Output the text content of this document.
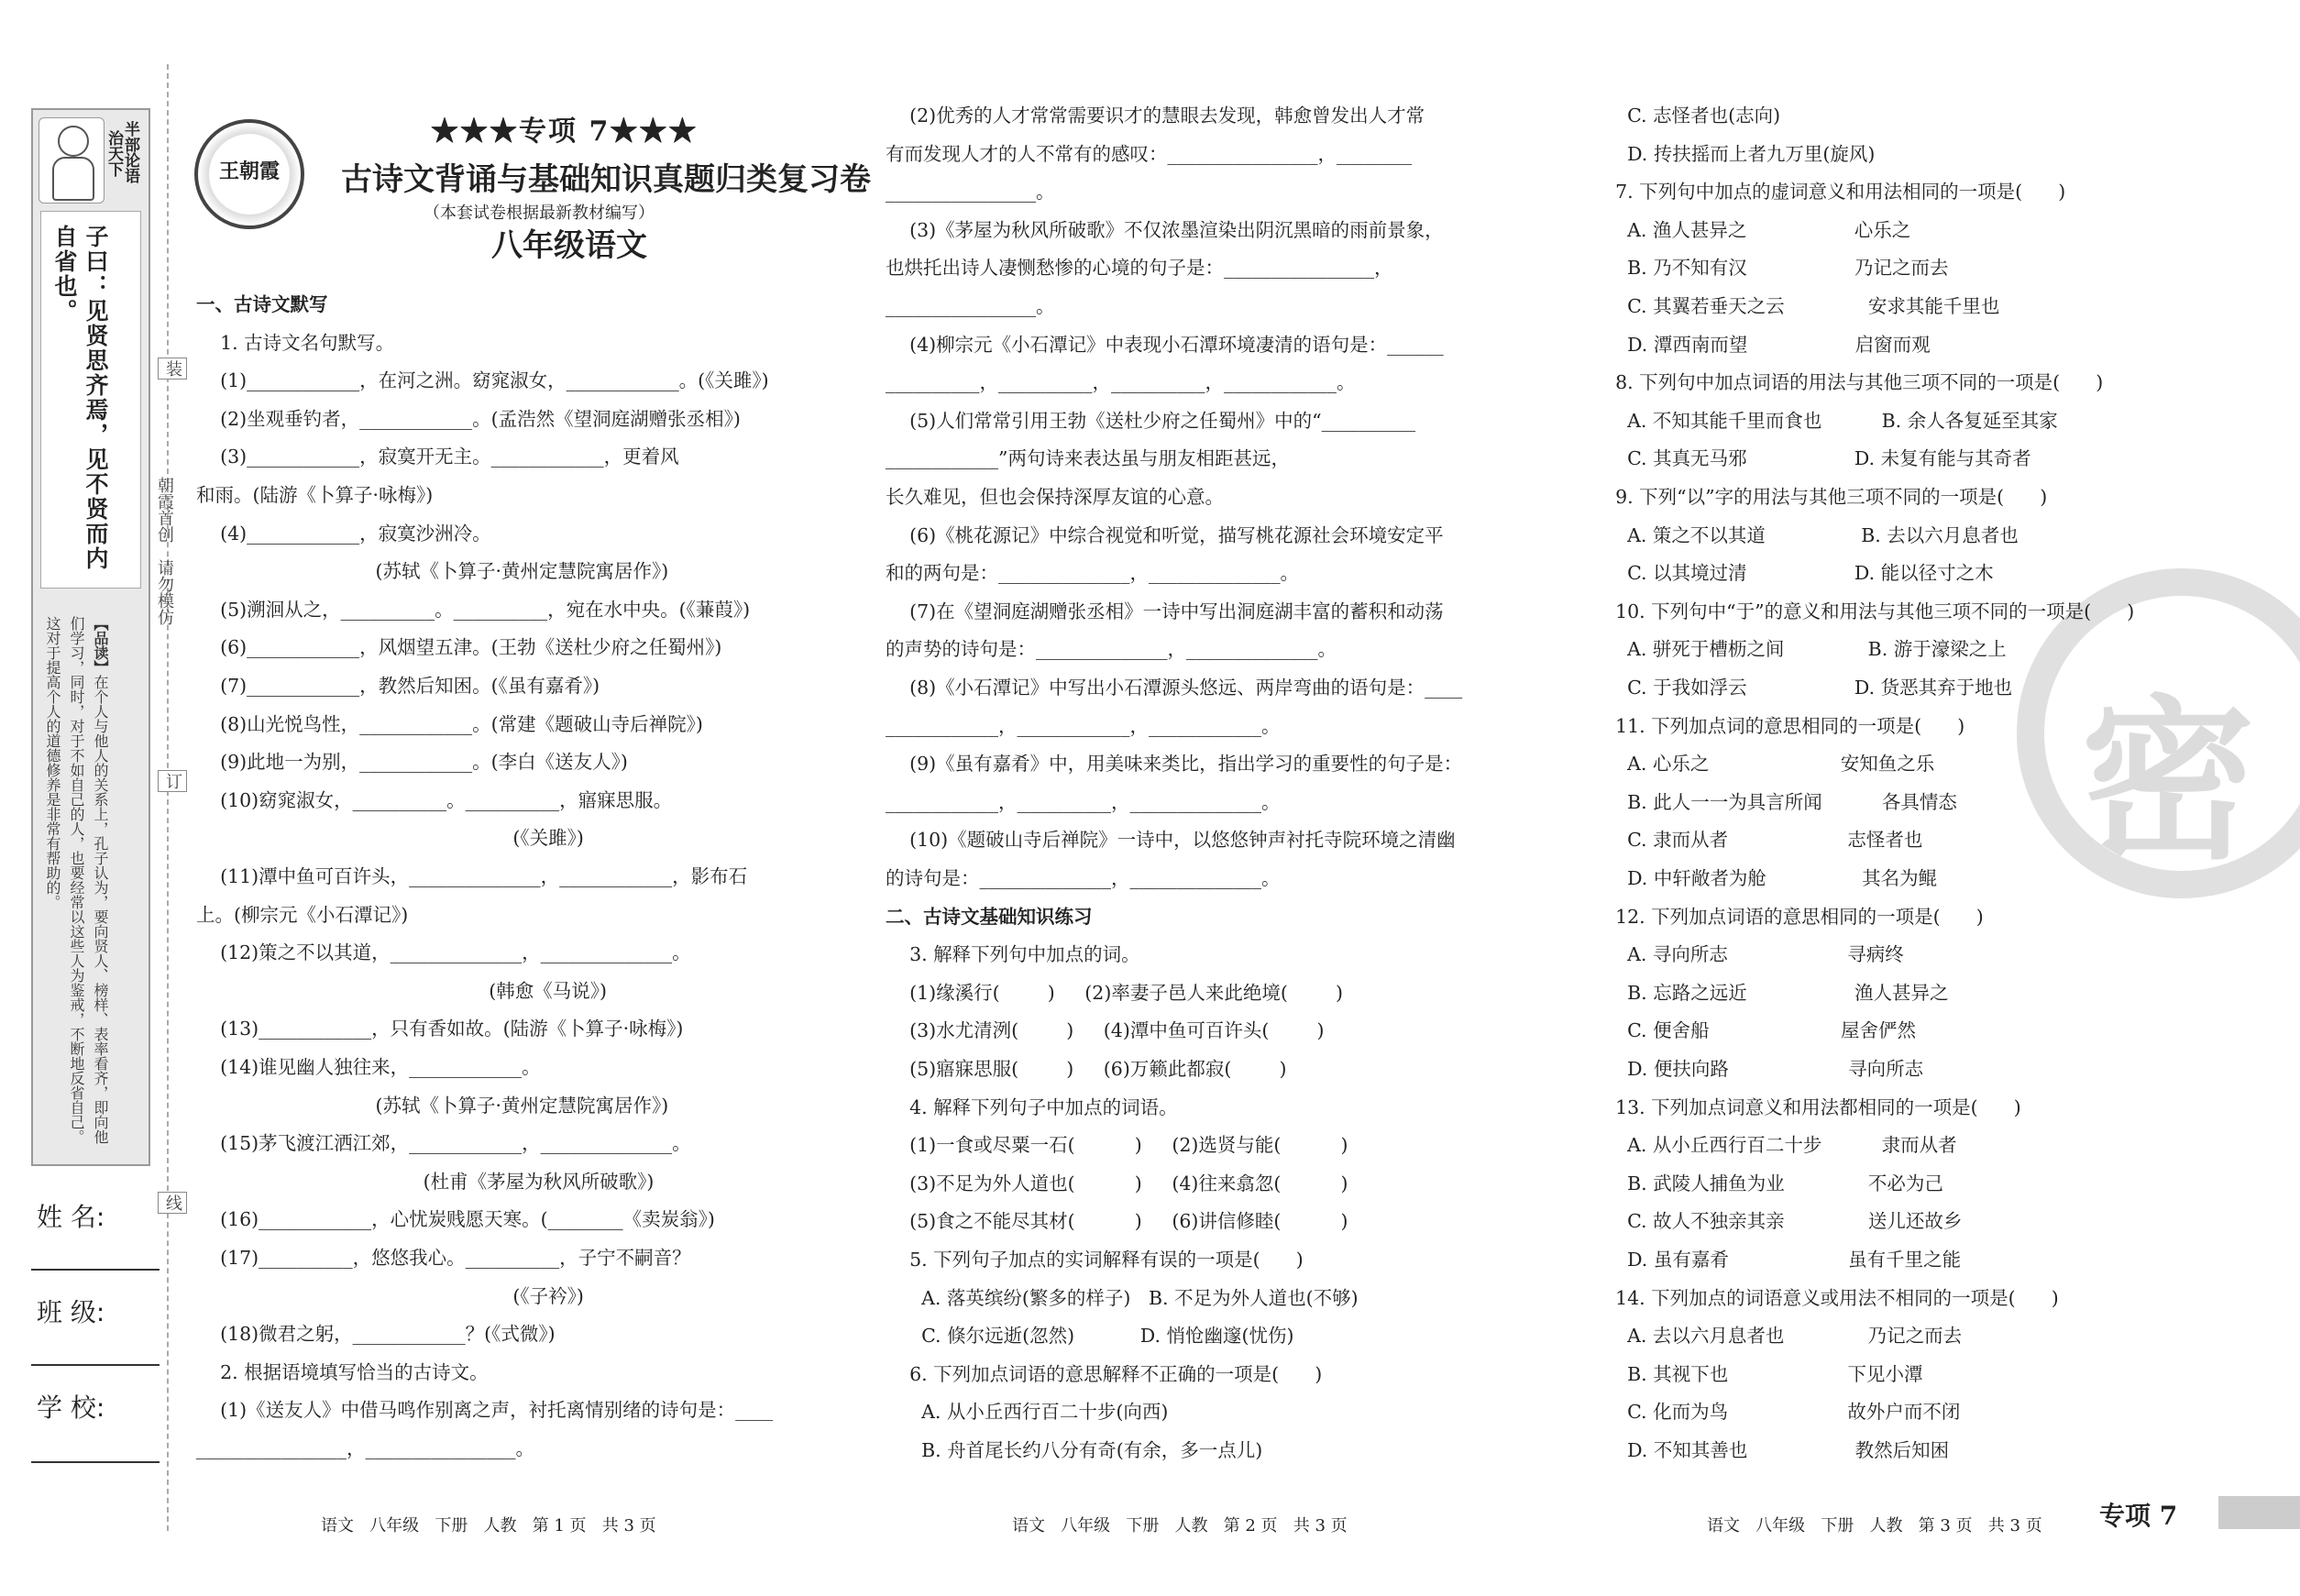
半部论语
治天下
子曰：见贤思齐焉，见不贤而内自省也。
【品读】在个人与他人的关系上，孔子认为，要向贤人、榜样、表率看齐，即向他们学习，同时，对于不如自己的人，也要经常以这些人为鉴戒，不断地反省自己。这对于提高个人的道德修养是非常有帮助的。
装
朝霞首创　请勿模仿
订
线
姓 名:
班 级:
学 校:
王朝霞
★★★专项 7★★★
古诗文背诵与基础知识真题归类复习卷
（本套试卷根据最新教材编写）
八年级语文
密
一、古诗文默写
1. 古诗文名句默写。
(1)____________，在河之洲。窈窕淑女，____________。(《关雎》)
(2)坐观垂钓者，____________。(孟浩然《望洞庭湖赠张丞相》)
(3)____________，寂寞开无主。____________，更着风
和雨。(陆游《卜算子·咏梅》)
(4)____________，寂寞沙洲冷。
(苏轼《卜算子·黄州定慧院寓居作》)
(5)溯洄从之，__________。__________，宛在水中央。(《蒹葭》)
(6)____________，风烟望五津。(王勃《送杜少府之任蜀州》)
(7)____________，教然后知困。(《虽有嘉肴》)
(8)山光悦鸟性，____________。(常建《题破山寺后禅院》)
(9)此地一为别，____________。(李白《送友人》)
(10)窈窕淑女，__________。__________，寤寐思服。
(《关雎》)
(11)潭中鱼可百许头，______________，____________，影布石
上。(柳宗元《小石潭记》)
(12)策之不以其道，______________，______________。
(韩愈《马说》)
(13)____________，只有香如故。(陆游《卜算子·咏梅》)
(14)谁见幽人独往来，____________。
(苏轼《卜算子·黄州定慧院寓居作》)
(15)茅飞渡江洒江郊，____________，______________。
(杜甫《茅屋为秋风所破歌》)
(16)____________，心忧炭贱愿天寒。(________《卖炭翁》)
(17)__________，悠悠我心。__________，子宁不嗣音？
(《子衿》)
(18)微君之躬，____________？(《式微》)
2. 根据语境填写恰当的古诗文。
(1)《送友人》中借马鸣作别离之声，衬托离情别绪的诗句是：____
________________，________________。
(2)优秀的人才常常需要识才的慧眼去发现，韩愈曾发出人才常
有而发现人才的人不常有的感叹：________________，________
________________。
(3)《茅屋为秋风所破歌》不仅浓墨渲染出阴沉黑暗的雨前景象，
也烘托出诗人凄恻愁惨的心境的句子是：________________，
________________。
(4)柳宗元《小石潭记》中表现小石潭环境凄清的语句是：______
__________，__________，__________，____________。
(5)人们常常引用王勃《送杜少府之任蜀州》中的“__________
____________”两句诗来表达虽与朋友相距甚远，
长久难见，但也会保持深厚友谊的心意。
(6)《桃花源记》中综合视觉和听觉，描写桃花源社会环境安定平
和的两句是：______________，______________。
(7)在《望洞庭湖赠张丞相》一诗中写出洞庭湖丰富的蓄积和动荡
的声势的诗句是：______________，______________。
(8)《小石潭记》中写出小石潭源头悠远、两岸弯曲的语句是：____
____________，____________，____________。
(9)《虽有嘉肴》中，用美味来类比，指出学习的重要性的句子是：
____________，__________，______________。
(10)《题破山寺后禅院》一诗中，以悠悠钟声衬托寺院环境之清幽
的诗句是：______________，______________。
二、古诗文基础知识练习
3. 解释下列句中加点的词。
(1)缘溪行(        )     (2)率妻子邑人来此绝境(        )
(3)水尤清洌(        )     (4)潭中鱼可百许头(        )
(5)寤寐思服(        )     (6)万籁此都寂(        )
4. 解释下列句子中加点的词语。
(1)一食或尽粟一石(          )     (2)选贤与能(          )
(3)不足为外人道也(          )     (4)往来翕忽(          )
(5)食之不能尽其材(          )     (6)讲信修睦(          )
5. 下列句子加点的实词解释有误的一项是(      )
A. 落英缤纷(繁多的样子)   B. 不足为外人道也(不够)
C. 倏尔远逝(忽然)           D. 悄怆幽邃(忧伤)
6. 下列加点词语的意思解释不正确的一项是(      )
A. 从小丘西行百二十步(向西)
B. 舟首尾长约八分有奇(有余，多一点儿)
C. 志怪者也(志向)
D. 抟扶摇而上者九万里(旋风)
7. 下列句中加点的虚词意义和用法相同的一项是(      )
A. 渔人甚异之                  心乐之
B. 乃不知有汉                  乃记之而去
C. 其翼若垂天之云              安求其能千里也
D. 潭西南而望                  启窗而观
8. 下列句中加点词语的用法与其他三项不同的一项是(      )
A. 不知其能千里而食也          B. 余人各复延至其家
C. 其真无马邪                  D. 未复有能与其奇者
9. 下列“以”字的用法与其他三项不同的一项是(      )
A. 策之不以其道                B. 去以六月息者也
C. 以其境过清                  D. 能以径寸之木
10. 下列句中“于”的意义和用法与其他三项不同的一项是(      )
A. 骈死于槽枥之间              B. 游于濠梁之上
C. 于我如浮云                  D. 货恶其弃于地也
11. 下列加点词的意思相同的一项是(      )
A. 心乐之                      安知鱼之乐
B. 此人一一为具言所闻          各具情态
C. 隶而从者                    志怪者也
D. 中轩敞者为舱                其名为鲲
12. 下列加点词语的意思相同的一项是(      )
A. 寻向所志                    寻病终
B. 忘路之远近                  渔人甚异之
C. 便舍船                      屋舍俨然
D. 便扶向路                    寻向所志
13. 下列加点词意义和用法都相同的一项是(      )
A. 从小丘西行百二十步          隶而从者
B. 武陵人捕鱼为业              不必为己
C. 故人不独亲其亲              送儿还故乡
D. 虽有嘉肴                    虽有千里之能
14. 下列加点的词语意义或用法不相同的一项是(      )
A. 去以六月息者也              乃记之而去
B. 其视下也                    下见小潭
C. 化而为鸟                    故外户而不闭
D. 不知其善也                  教然后知困
语文   八年级   下册   人教   第 1 页   共 3 页	语文   八年级   下册   人教   第 2 页   共 3 页	语文   八年级   下册   人教   第 3 页   共 3 页 专项 7
